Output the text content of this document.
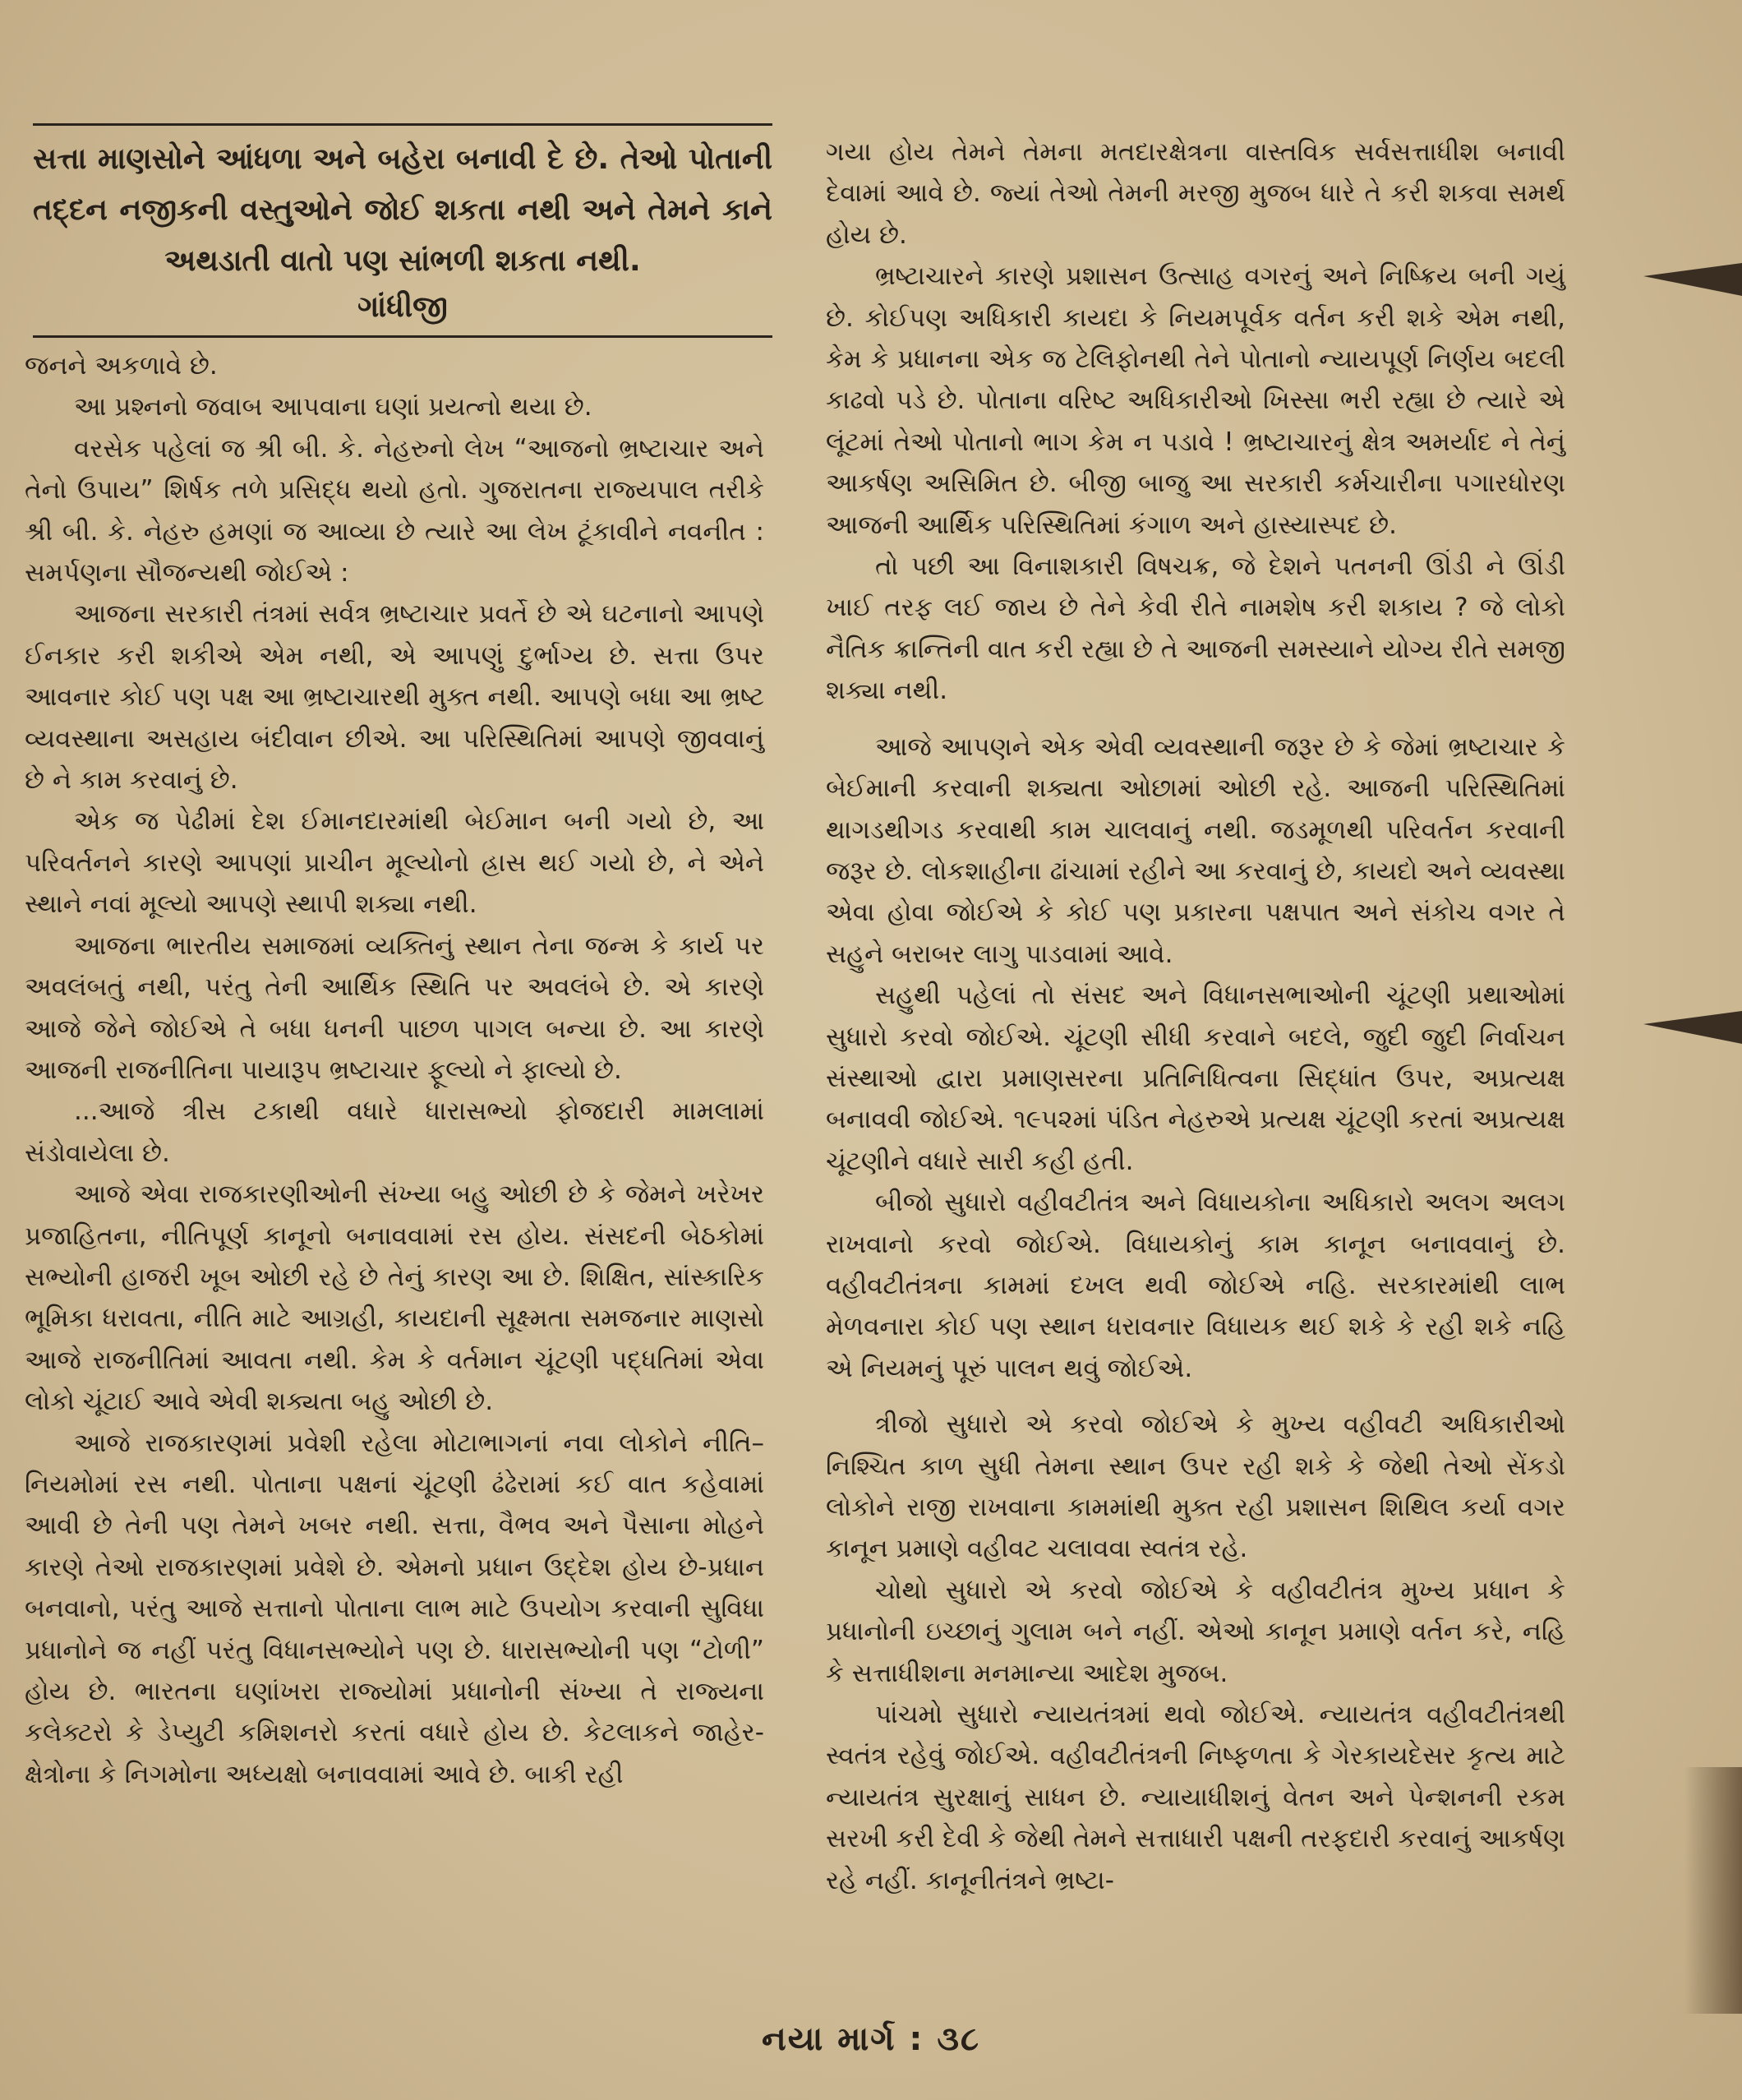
સત્તા માણસોને આંધળા અને બહેરા બનાવી દે છે. તેઓ પોતાની તદ્દન નજીકની વસ્તુઓને જોઈ શકતા નથી અને તેમને કાને અથડાતી વાતો પણ સાંભળી શકતા નથી.
ગાંધીજી

જનને અકળાવે છે.

આ પ્રશ્નનો જવાબ આપવાના ઘણાં પ્રયત્નો થયા છે.

વરસેક પહેલાં જ શ્રી બી. કે. નેહરુનો લેખ “આજનો ભ્રષ્ટાચાર અને તેનો ઉપાય” શિર્ષક તળે પ્રસિદ્ધ થયો હતો. ગુજરાતના રાજ્યપાલ તરીકે શ્રી બી. કે. નેહરુ હમણાં જ આવ્યા છે ત્યારે આ લેખ ટૂંકાવીને નવનીત : સમર્પણના સૌજન્યથી જોઈએ :

આજના સરકારી તંત્રમાં સર્વત્ર ભ્રષ્ટાચાર પ્રવર્તે છે એ ઘટનાનો આપણે ઈનકાર કરી શકીએ એમ નથી, એ આપણું દુર્ભાગ્ય છે. સત્તા ઉપર આવનાર કોઈ પણ પક્ષ આ ભ્રષ્ટાચારથી મુક્ત નથી. આપણે બધા આ ભ્રષ્ટ વ્યવસ્થાના અસહાય બંદીવાન છીએ. આ પરિસ્થિતિમાં આપણે જીવવાનું છે ને કામ કરવાનું છે.

એક જ પેઢીમાં દેશ ઈમાનદારમાંથી બેઈમાન બની ગયો છે, આ પરિવર્તનને કારણે આપણાં પ્રાચીન મૂલ્યોનો હ્રાસ થઈ ગયો છે, ને એને સ્થાને નવાં મૂલ્યો આપણે સ્થાપી શક્યા નથી.

આજના ભારતીય સમાજમાં વ્યક્તિનું સ્થાન તેના જન્મ કે કાર્ય પર અવલંબતું નથી, પરંતુ તેની આર્થિક સ્થિતિ પર અવલંબે છે. એ કારણે આજે જેને જોઈએ તે બધા ધનની પાછળ પાગલ બન્યા છે. આ કારણે આજની રાજનીતિના પાયારૂપ ભ્રષ્ટાચાર ફૂલ્યો ને ફાલ્યો છે.

...આજે ત્રીસ ટકાથી વધારે ધારાસભ્યો ફોજદારી મામલામાં સંડોવાયેલા છે.

આજે એવા રાજકારણીઓની સંખ્યા બહુ ઓછી છે કે જેમને ખરેખર પ્રજાહિતના, નીતિપૂર્ણ કાનૂનો બનાવવામાં રસ હોય. સંસદની બેઠકોમાં સભ્યોની હાજરી ખૂબ ઓછી રહે છે તેનું કારણ આ છે. શિક્ષિત, સાંસ્કારિક ભૂમિકા ધરાવતા, નીતિ માટે આગ્રહી, કાયદાની સૂક્ષ્મતા સમજનાર માણસો આજે રાજનીતિમાં આવતા નથી. કેમ કે વર્તમાન ચૂંટણી પદ્ધતિમાં એવા લોકો ચૂંટાઈ આવે એવી શક્યતા બહુ ઓછી છે.

આજે રાજકારણમાં પ્રવેશી રહેલા મોટાભાગનાં નવા લોકોને નીતિ–નિયમોમાં રસ નથી. પોતાના પક્ષનાં ચૂંટણી ઢંઢેરામાં કઈ વાત કહેવામાં આવી છે તેની પણ તેમને ખબર નથી. સત્તા, વૈભવ અને પૈસાના મોહને કારણે તેઓ રાજકારણમાં પ્રવેશે છે. એમનો પ્રધાન ઉદ્દેશ હોય છે-પ્રધાન બનવાનો, પરંતુ આજે સત્તાનો પોતાના લાભ માટે ઉપયોગ કરવાની સુવિધા પ્રધાનોને જ નહીં પરંતુ વિધાનસભ્યોને પણ છે. ધારાસભ્યોની પણ “ટોળી” હોય છે. ભારતના ઘણાંખરા રાજ્યોમાં પ્રધાનોની સંખ્યા તે રાજ્યના કલેક્ટરો કે ડેપ્યુટી કમિશનરો કરતાં વધારે હોય છે. કેટલાકને જાહેર-ક્ષેત્રોના કે નિગમોના અધ્યક્ષો બનાવવામાં આવે છે. બાકી રહી

ગયા હોય તેમને તેમના મતદારક્ષેત્રના વાસ્તવિક સર્વસત્તાધીશ બનાવી દેવામાં આવે છે. જ્યાં તેઓ તેમની મરજી મુજબ ધારે તે કરી શકવા સમર્થ હોય છે.

ભ્રષ્ટાચારને કારણે પ્રશાસન ઉત્સાહ વગરનું અને નિષ્ક્રિય બની ગયું છે. કોઈપણ અધિકારી કાયદા કે નિયમપૂર્વક વર્તન કરી શકે એમ નથી, કેમ કે પ્રધાનના એક જ ટેલિફોનથી તેને પોતાનો ન્યાયપૂર્ણ નિર્ણય બદલી કાઢવો પડે છે. પોતાના વરિષ્ટ અધિકારીઓ ખિસ્સા ભરી રહ્યા છે ત્યારે એ લૂંટમાં તેઓ પોતાનો ભાગ કેમ ન પડાવે ! ભ્રષ્ટાચારનું ક્ષેત્ર અમર્યાદ ને તેનું આકર્ષણ અસિમિત છે. બીજી બાજુ આ સરકારી કર્મચારીના પગારધોરણ આજની આર્થિક પરિસ્થિતિમાં કંગાળ અને હાસ્યાસ્પદ છે.

તો પછી આ વિનાશકારી વિષચક્ર, જે દેશને પતનની ઊંડી ને ઊંડી ખાઈ તરફ લઈ જાય છે તેને કેવી રીતે નામશેષ કરી શકાય ? જે લોકો નૈતિક ક્રાન્તિની વાત કરી રહ્યા છે તે આજની સમસ્યાને યોગ્ય રીતે સમજી શક્યા નથી.

આજે આપણને એક એવી વ્યવસ્થાની જરૂર છે કે જેમાં ભ્રષ્ટાચાર કે બેઈમાની કરવાની શક્યતા ઓછામાં ઓછી રહે. આજની પરિસ્થિતિમાં થાગડથીગડ કરવાથી કામ ચાલવાનું નથી. જડમૂળથી પરિવર્તન કરવાની જરૂર છે. લોકશાહીના ઢાંચામાં રહીને આ કરવાનું છે, કાયદો અને વ્યવસ્થા એવા હોવા જોઈએ કે કોઈ પણ પ્રકારના પક્ષપાત અને સંકોચ વગર તે સહુને બરાબર લાગુ પાડવામાં આવે.

સહુથી પહેલાં તો સંસદ અને વિધાનસભાઓની ચૂંટણી પ્રથાઓમાં સુધારો કરવો જોઈએ. ચૂંટણી સીધી કરવાને બદલે, જુદી જુદી નિર્વાચન સંસ્થાઓ દ્વારા પ્રમાણસરના પ્રતિનિધિત્વના સિદ્ધાંત ઉપર, અપ્રત્યક્ષ બનાવવી જોઈએ. ૧૯૫૨માં પંડિત નેહરુએ પ્રત્યક્ષ ચૂંટણી કરતાં અપ્રત્યક્ષ ચૂંટણીને વધારે સારી કહી હતી.

બીજો સુધારો વહીવટીતંત્ર અને વિધાયકોના અધિકારો અલગ અલગ રાખવાનો કરવો જોઈએ. વિધાયકોનું કામ કાનૂન બનાવવાનું છે. વહીવટીતંત્રના કામમાં દખલ થવી જોઈએ નહિ. સરકારમાંથી લાભ મેળવનારા કોઈ પણ સ્થાન ધરાવનાર વિધાયક થઈ શકે કે રહી શકે નહિ એ નિયમનું પૂરું પાલન થવું જોઈએ.

ત્રીજો સુધારો એ કરવો જોઈએ કે મુખ્ય વહીવટી અધિકારીઓ નિશ્ચિત કાળ સુધી તેમના સ્થાન ઉપર રહી શકે કે જેથી તેઓ સેંકડો લોકોને રાજી રાખવાના કામમાંથી મુક્ત રહી પ્રશાસન શિથિલ કર્યા વગર કાનૂન પ્રમાણે વહીવટ ચલાવવા સ્વતંત્ર રહે.

ચોથો સુધારો એ કરવો જોઈએ કે વહીવટીતંત્ર મુખ્ય પ્રધાન કે પ્રધાનોની ઇચ્છાનું ગુલામ બને નહીં. એઓ કાનૂન પ્રમાણે વર્તન કરે, નહિ કે સત્તાધીશના મનમાન્યા આદેશ મુજબ.

પાંચમો સુધારો ન્યાયતંત્રમાં થવો જોઈએ. ન્યાયતંત્ર વહીવટીતંત્રથી સ્વતંત્ર રહેવું જોઈએ. વહીવટીતંત્રની નિષ્ફળતા કે ગેરકાયદેસર કૃત્ય માટે ન્યાયતંત્ર સુરક્ષાનું સાધન છે. ન્યાયાધીશનું વેતન અને પેન્શનની રકમ સરખી કરી દેવી કે જેથી તેમને સત્તાધારી પક્ષની તરફદારી કરવાનું આકર્ષણ રહે નહીં. કાનૂનીતંત્રને ભ્રષ્ટા-

નયા માર્ગ : ૩૮
